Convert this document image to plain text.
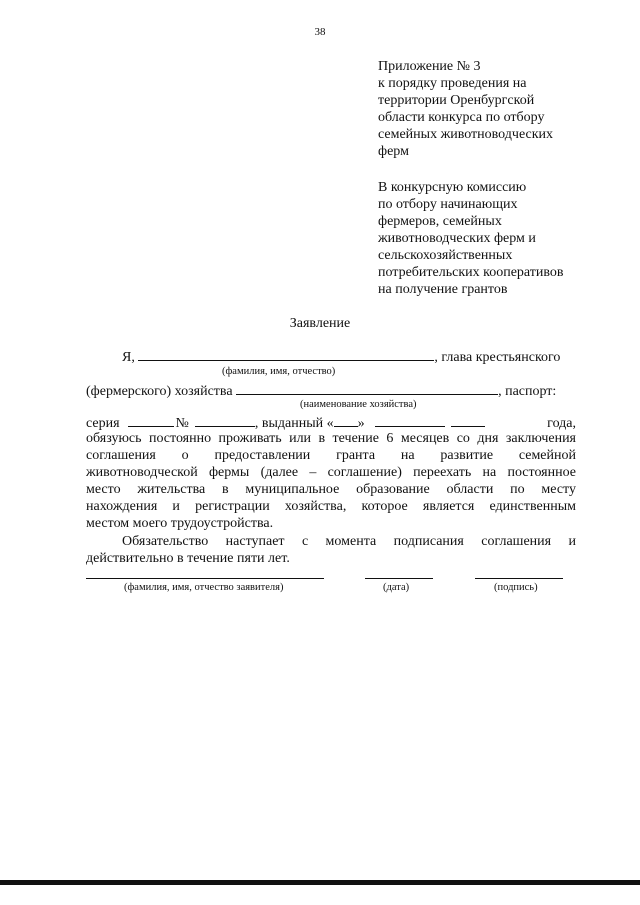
38
Приложение № 3
к порядку проведения на
территории Оренбургской
области конкурса по отбору
семейных животноводческих
ферм
В конкурсную комиссию
по отбору начинающих
фермеров, семейных
животноводческих ферм и
сельскохозяйственных
потребительских кооперативов
на получение грантов
Заявление
Я,	, глава крестьянского
(фамилия, имя, отчество)
(фермерского) хозяйства	, паспорт:
(наименование хозяйства)
серия	№	, выданный « »	года,
обязуюсь постоянно проживать или в течение 6 месяцев со дня заключения
соглашения о предоставлении гранта на развитие семейной
животноводческой фермы (далее – соглашение) переехать на постоянное
место жительства в муниципальное образование области по месту
нахождения и регистрации хозяйства, которое является единственным
местом моего трудоустройства.
Обязательство наступает с момента подписания соглашения и
действительно в течение пяти лет.
(фамилия, имя, отчество заявителя)	(дата)	(подпись)
